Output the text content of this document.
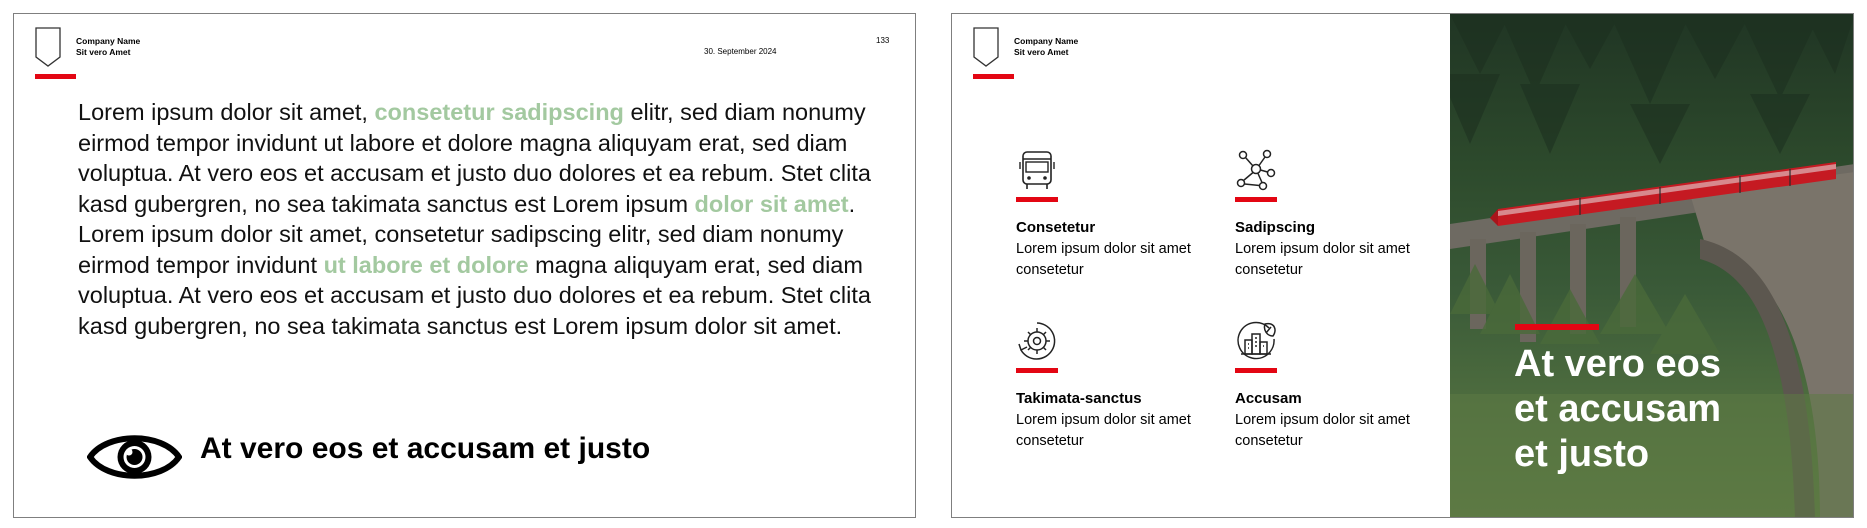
Company Name
Sit vero Amet	30. September 2024
133
Lorem ipsum dolor sit amet, consetetur sadipscing elitr, sed diam nonumy eirmod tempor invidunt ut labore et dolore magna aliquyam erat, sed diam voluptua. At vero eos et accusam et justo duo dolores et ea rebum. Stet clita kasd gubergren, no sea takimata sanctus est Lorem ipsum dolor sit amet. Lorem ipsum dolor sit amet, consetetur sadipscing elitr, sed diam nonumy eirmod tempor invidunt ut labore et dolore magna aliquyam erat, sed diam voluptua. At vero eos et accusam et justo duo dolores et ea rebum. Stet clita kasd gubergren, no sea takimata sanctus est Lorem ipsum dolor sit amet.
At vero eos et accusam et justo
Company Name
Sit vero Amet
Consetetur
Lorem ipsum dolor sit amet consetetur
Sadipscing
Lorem ipsum dolor sit amet consetetur
Takimata-sanctus
Lorem ipsum dolor sit amet consetetur
Accusam
Lorem ipsum dolor sit amet consetetur
At vero eos
et accusam
et justo
